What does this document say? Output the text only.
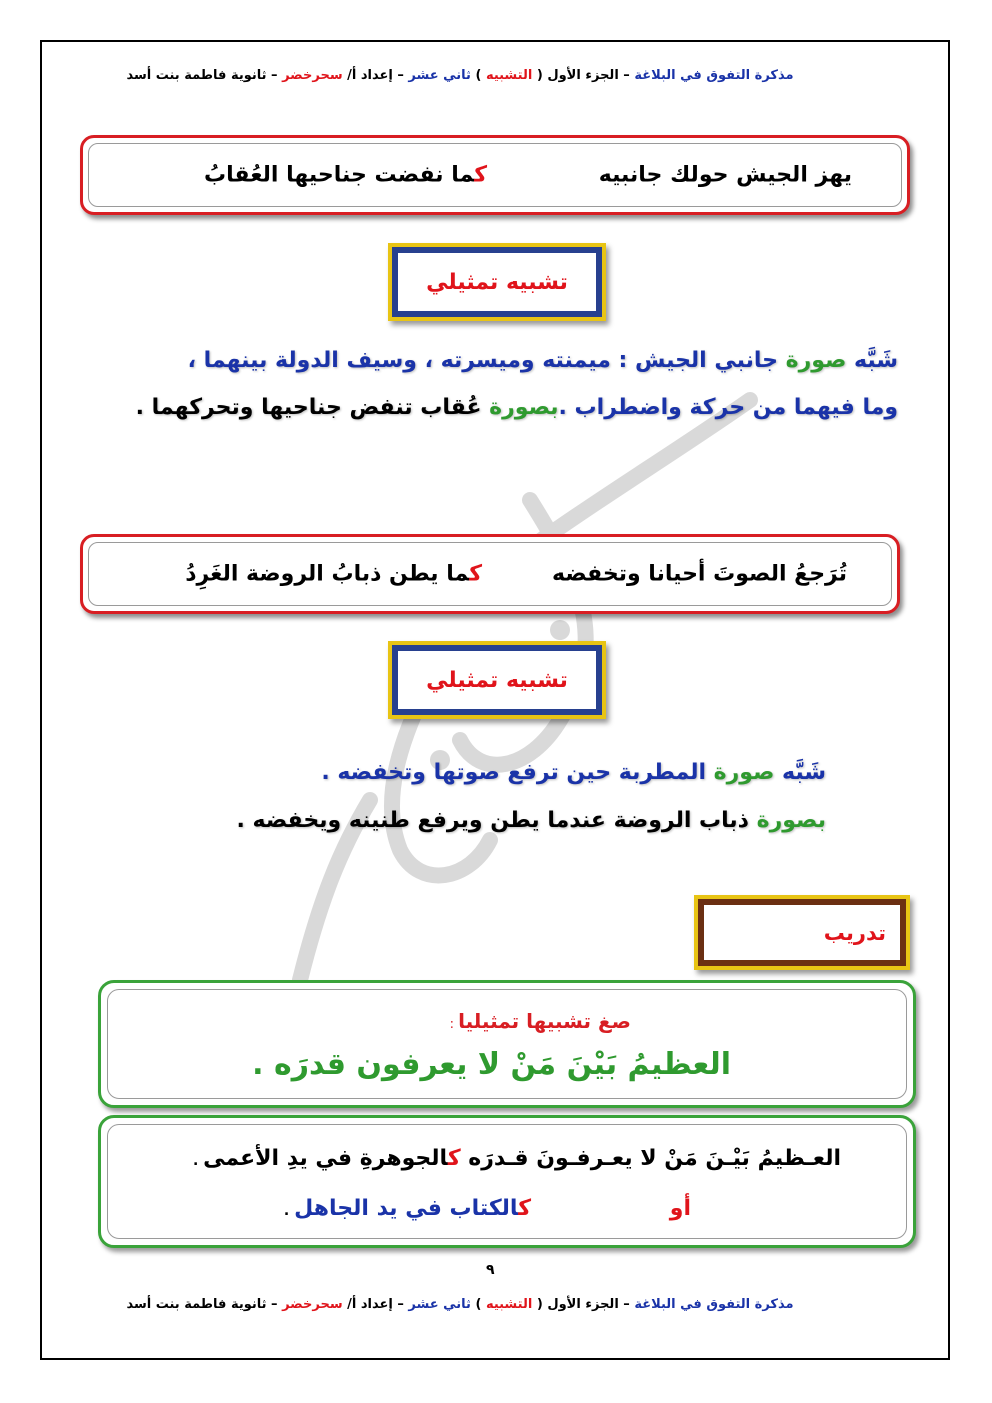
مذكرة التفوق في البلاغة – الجزء الأول ( التشبيه ) ثاني عشر – إعداد أ/ سحرخضر – ثانوية فاطمة بنت أسد
يهز الجيش حولك جانبيه
كما نفضت جناحيها العُقابُ
تشبيه تمثيلي
شَبَّه صورة جانبي الجيش : ميمنته وميسرته ، وسيف الدولة بينهما ،
وما فيهما من حركة واضطراب .بصورة عُقاب تنفض جناحيها وتحركهما .
تُرَجعُ الصوتَ أحيانا وتخفضه
كما يطن ذبابُ الروضة الغَرِدُ
تشبيه تمثيلي
شَبَّه صورة المطربة حين ترفع صوتها وتخفضه .
بصورة ذباب الروضة عندما يطن ويرفع طنينه ويخفضه .
تدريب
صغ تشبيها تمثيليا :
العظيمُ بَيْنَ مَنْ لا يعرفون قدرَه .
العـظيمُ بَيْـنَ مَنْ لا يعـرفـونَ قـدرَه كالجوهرةِ في يدِ الأعمى .
أو
كالكتاب في يد الجاهل .
٩
مذكرة التفوق في البلاغة – الجزء الأول ( التشبيه ) ثاني عشر – إعداد أ/ سحرخضر – ثانوية فاطمة بنت أسد
